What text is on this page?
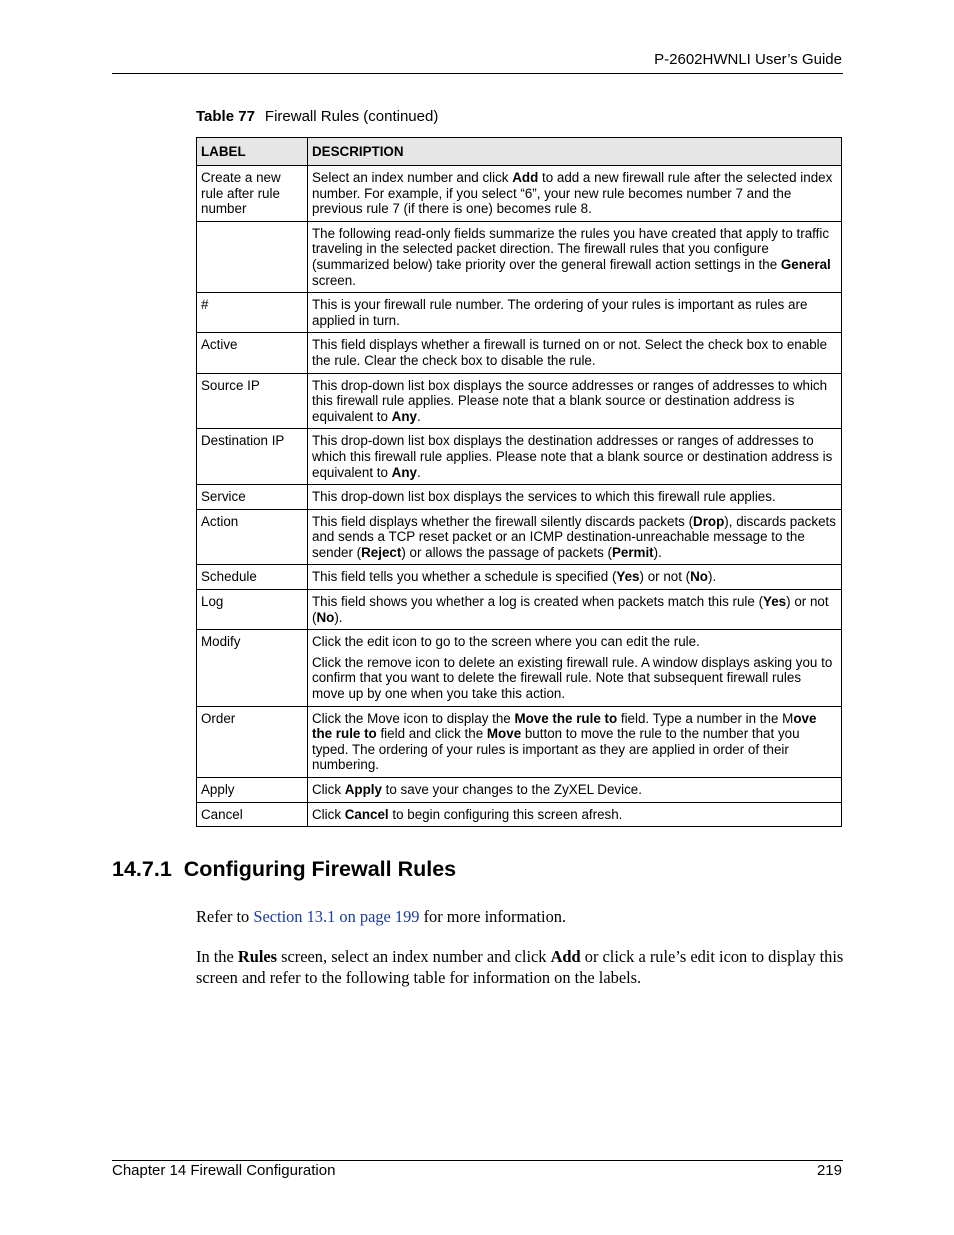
P-2602HWNLI User’s Guide
Table 77 Firewall Rules (continued)
LABEL	DESCRIPTION
Create a new rule after rule number	Select an index number and click Add to add a new firewall rule after the selected index number. For example, if you select “6”, your new rule becomes number 7 and the previous rule 7 (if there is one) becomes rule 8.

	The following read-only fields summarize the rules you have created that apply to traffic traveling in the selected packet direction. The firewall rules that you configure (summarized below) take priority over the general firewall action settings in the General screen.

#	This is your firewall rule number. The ordering of your rules is important as rules are applied in turn.

Active	This field displays whether a firewall is turned on or not. Select the check box to enable the rule. Clear the check box to disable the rule.

Source IP	This drop-down list box displays the source addresses or ranges of addresses to which this firewall rule applies. Please note that a blank source or destination address is equivalent to Any.

Destination IP	This drop-down list box displays the destination addresses or ranges of addresses to which this firewall rule applies. Please note that a blank source or destination address is equivalent to Any.

Service	This drop-down list box displays the services to which this firewall rule applies.

Action	This field displays whether the firewall silently discards packets (Drop), discards packets and sends a TCP reset packet or an ICMP destination-unreachable message to the sender (Reject) or allows the passage of packets (Permit).

Schedule	This field tells you whether a schedule is specified (Yes) or not (No).

Log	This field shows you whether a log is created when packets match this rule (Yes) or not (No).

Modify	Click the edit icon to go to the screen where you can edit the rule.

Click the remove icon to delete an existing firewall rule. A window displays asking you to confirm that you want to delete the firewall rule. Note that subsequent firewall rules move up by one when you take this action.

Order	Click the Move icon to display the Move the rule to field. Type a number in the Move the rule to field and click the Move button to move the rule to the number that you typed. The ordering of your rules is important as they are applied in order of their numbering.

Apply	Click Apply to save your changes to the ZyXEL Device.

Cancel	Click Cancel to begin configuring this screen afresh.

14.7.1 Configuring Firewall Rules
Refer to Section 13.1 on page 199 for more information.
In the Rules screen, select an index number and click Add or click a rule’s edit icon to display this screen and refer to the following table for information on the labels.
Chapter 14 Firewall Configuration	219
